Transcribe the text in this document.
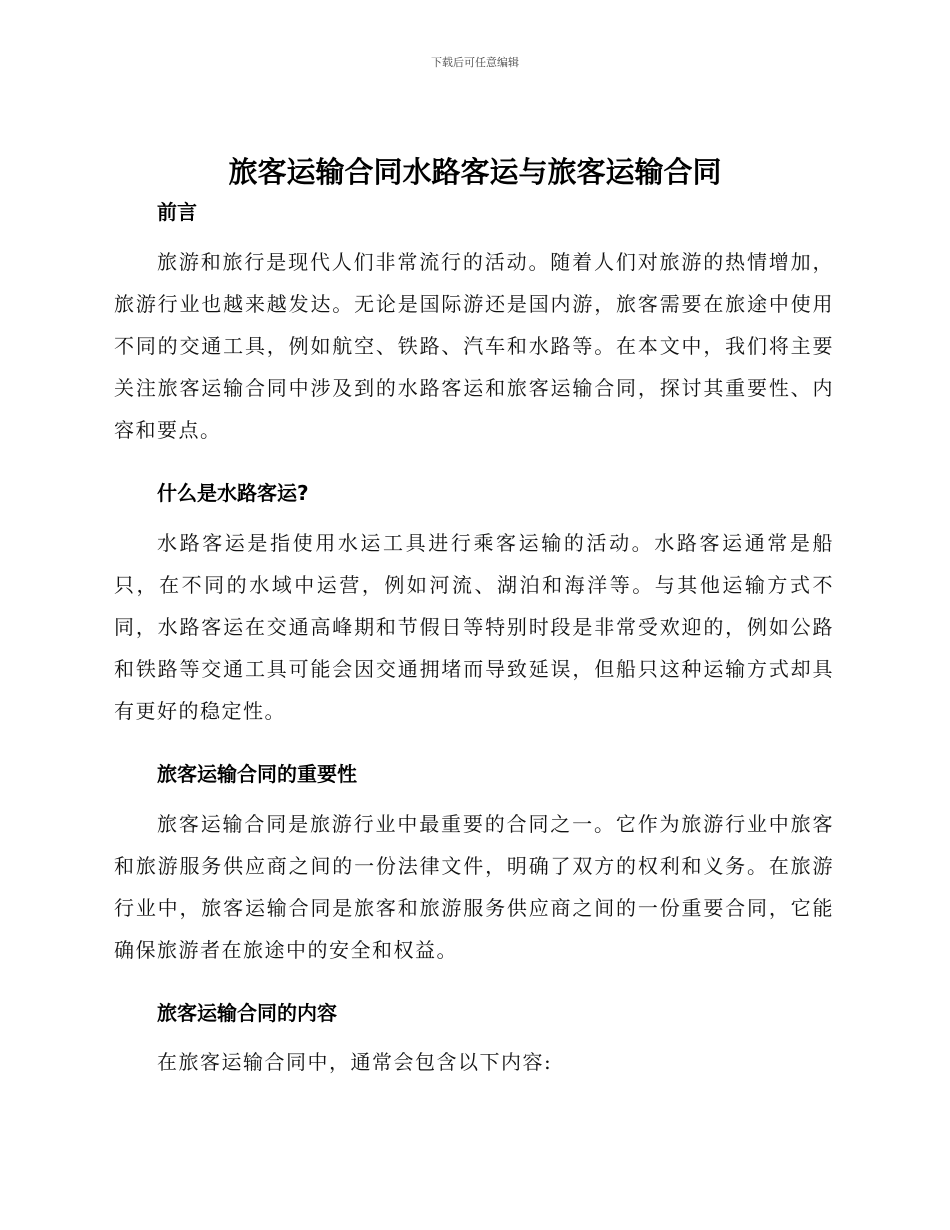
下载后可任意编辑
旅客运输合同水路客运与旅客运输合同

前言

旅游和旅行是现代人们非常流行的活动。随着人们对旅游的热情增加，旅游行业也越来越发达。无论是国际游还是国内游，旅客需要在旅途中使用不同的交通工具，例如航空、铁路、汽车和水路等。在本文中，我们将主要关注旅客运输合同中涉及到的水路客运和旅客运输合同，探讨其重要性、内容和要点。

什么是水路客运?

水路客运是指使用水运工具进行乘客运输的活动。水路客运通常是船只，在不同的水域中运营，例如河流、湖泊和海洋等。与其他运输方式不同，水路客运在交通高峰期和节假日等特别时段是非常受欢迎的，例如公路和铁路等交通工具可能会因交通拥堵而导致延误，但船只这种运输方式却具有更好的稳定性。

旅客运输合同的重要性

旅客运输合同是旅游行业中最重要的合同之一。它作为旅游行业中旅客和旅游服务供应商之间的一份法律文件，明确了双方的权利和义务。在旅游行业中，旅客运输合同是旅客和旅游服务供应商之间的一份重要合同，它能确保旅游者在旅途中的安全和权益。

旅客运输合同的内容

在旅客运输合同中，通常会包含以下内容:
